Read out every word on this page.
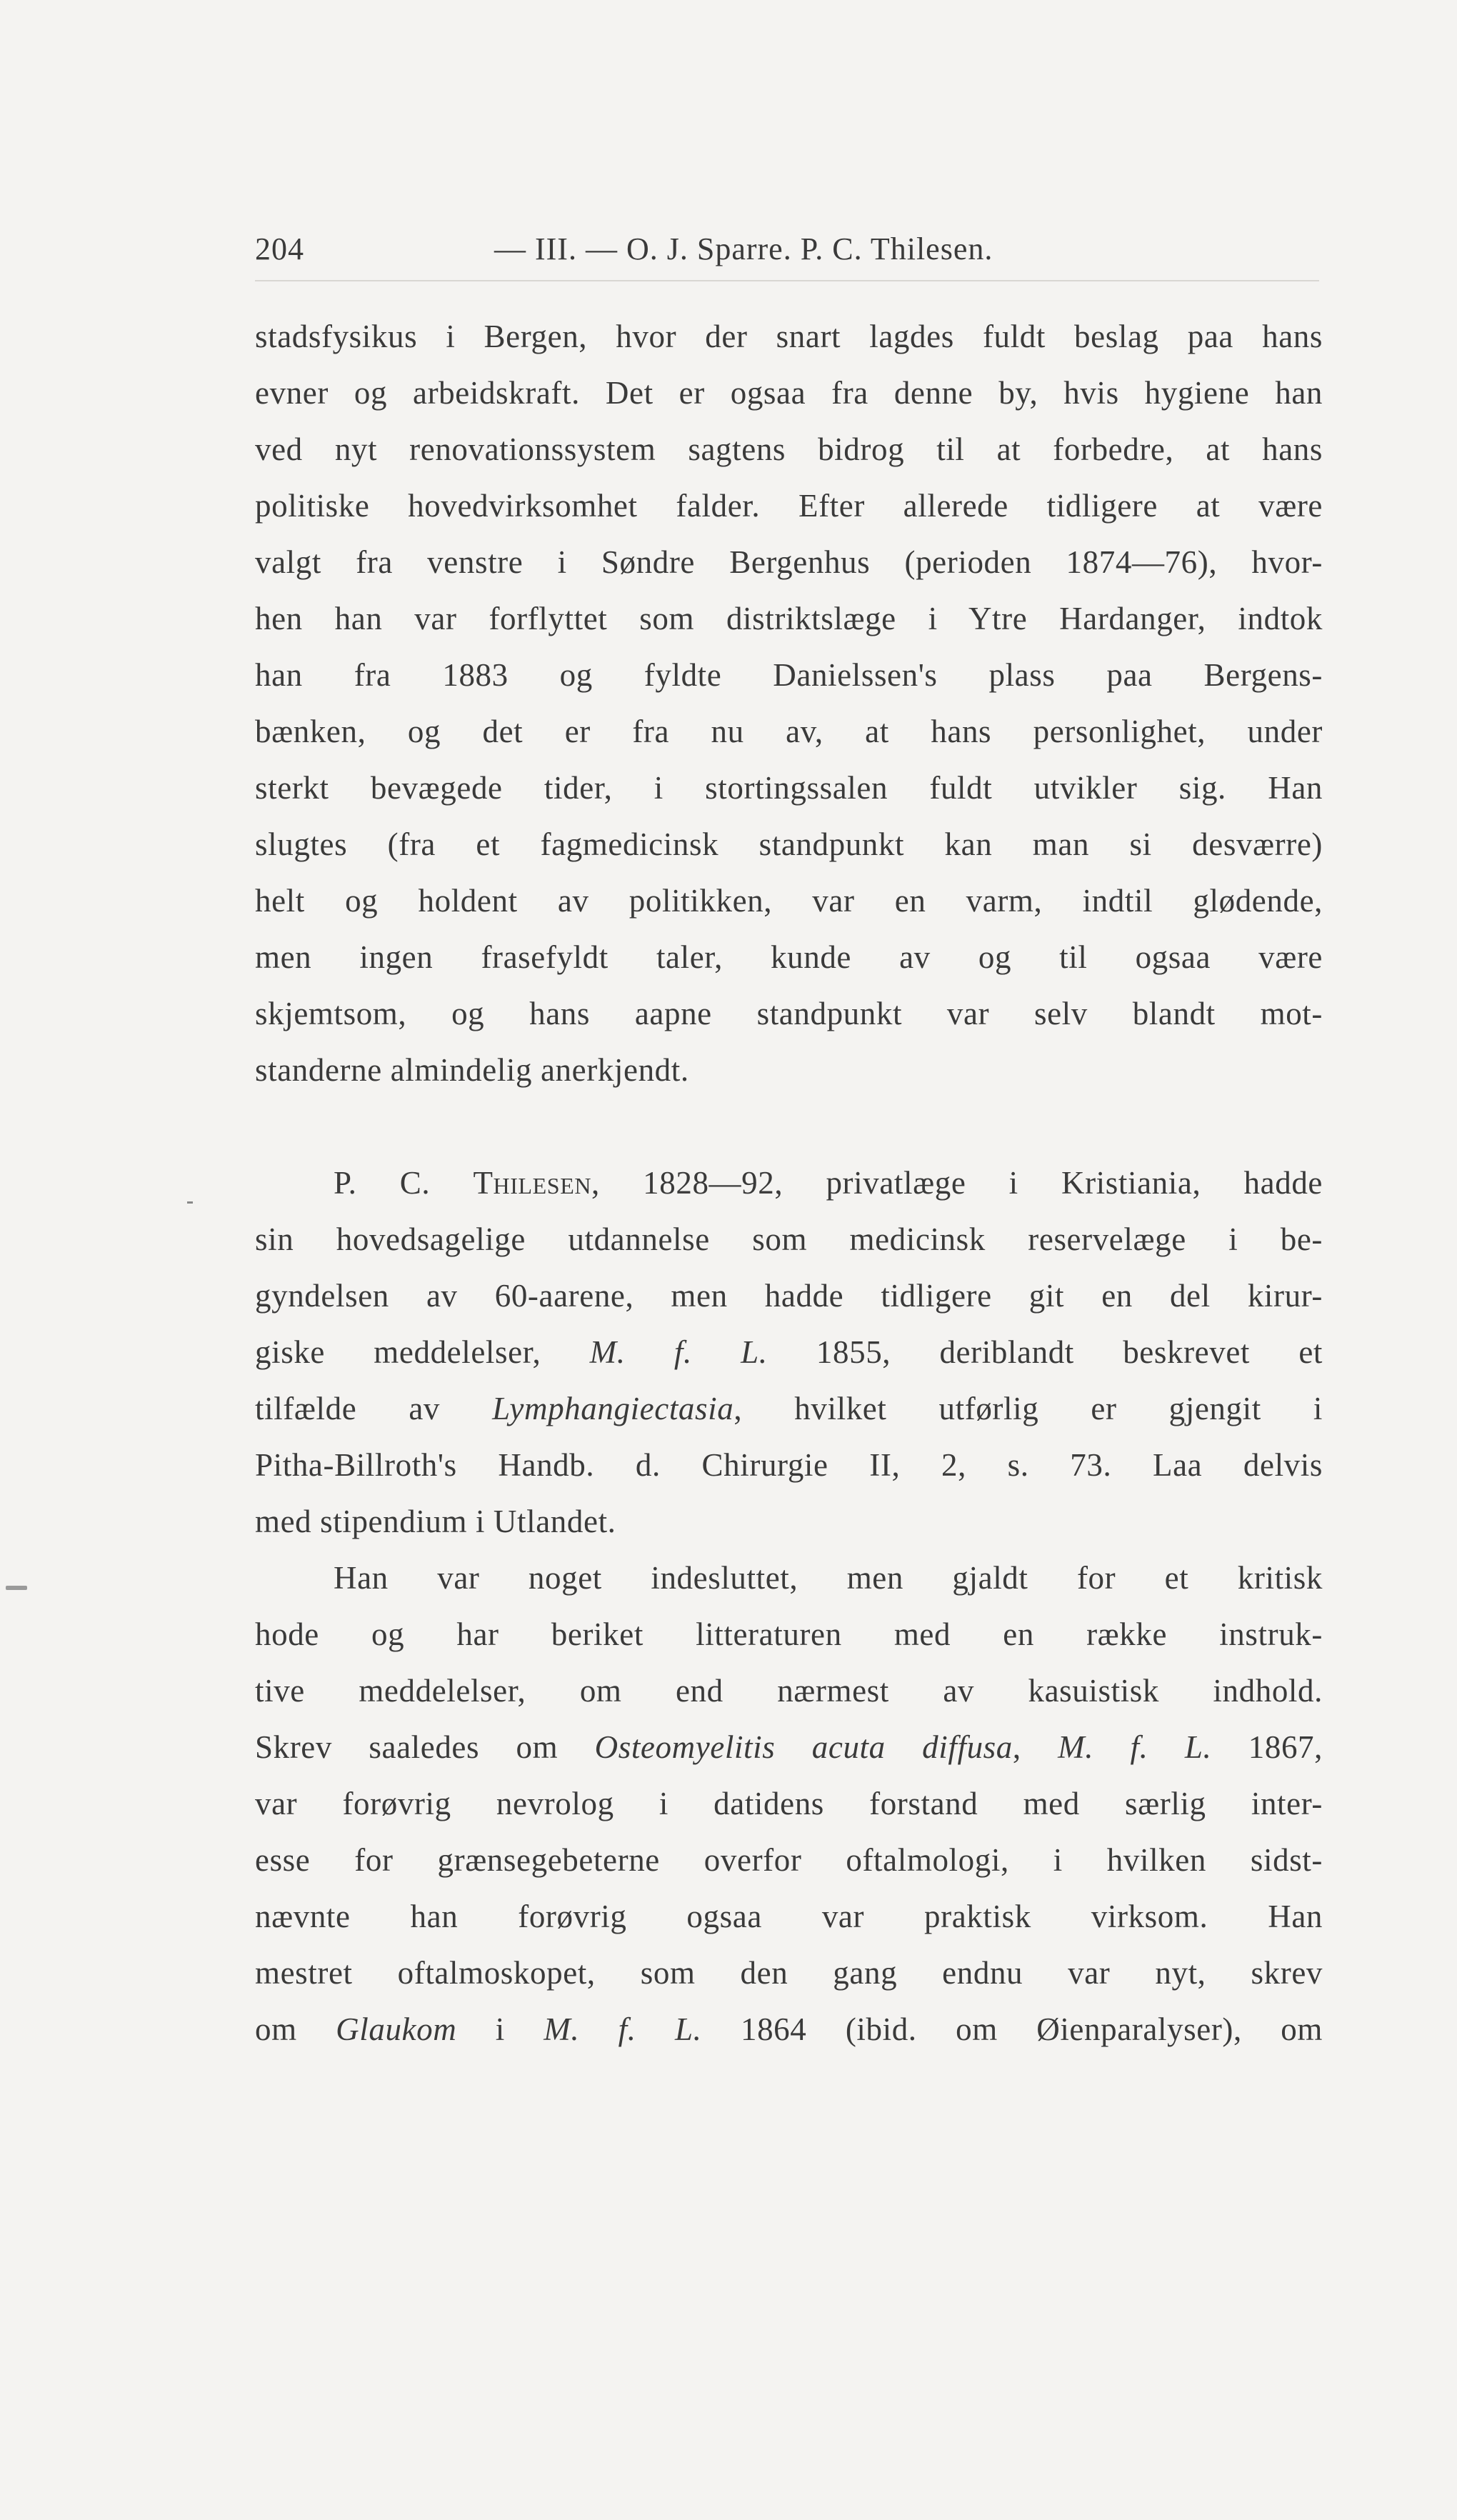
204	— III. — O. J. Sparre. P. C. Thilesen.
stadsfysikus i Bergen, hvor der snart lagdes fuldt beslag paa hans
evner og arbeidskraft. Det er ogsaa fra denne by, hvis hygiene han
ved nyt renovationssystem sagtens bidrog til at forbedre, at hans
politiske hovedvirksomhet falder. Efter allerede tidligere at være
valgt fra venstre i Søndre Bergenhus (perioden 1874—76), hvor-
hen han var forflyttet som distriktslæge i Ytre Hardanger, indtok
han fra 1883 og fyldte Danielssen's plass paa Bergens-
bænken, og det er fra nu av, at hans personlighet, under
sterkt bevægede tider, i stortingssalen fuldt utvikler sig. Han
slugtes (fra et fagmedicinsk standpunkt kan man si desværre)
helt og holdent av politikken, var en varm, indtil glødende,
men ingen frasefyldt taler, kunde av og til ogsaa være
skjemtsom, og hans aapne standpunkt var selv blandt mot-
standerne almindelig anerkjendt.
P. C. Thilesen, 1828—92, privatlæge i Kristiania, hadde
sin hovedsagelige utdannelse som medicinsk reservelæge i be-
gyndelsen av 60-aarene, men hadde tidligere git en del kirur-
giske meddelelser, M. f. L. 1855, deriblandt beskrevet et
tilfælde av Lymphangiectasia, hvilket utførlig er gjengit i
Pitha-Billroth's Handb. d. Chirurgie II, 2, s. 73. Laa delvis
med stipendium i Utlandet.
Han var noget indesluttet, men gjaldt for et kritisk
hode og har beriket litteraturen med en række instruk-
tive meddelelser, om end nærmest av kasuistisk indhold.
Skrev saaledes om Osteomyelitis acuta diffusa, M. f. L. 1867,
var forøvrig nevrolog i datidens forstand med særlig inter-
esse for grænsegebeterne overfor oftalmologi, i hvilken sidst-
nævnte han forøvrig ogsaa var praktisk virksom. Han
mestret oftalmoskopet, som den gang endnu var nyt, skrev
om Glaukom i M. f. L. 1864 (ibid. om Øienparalyser), om
